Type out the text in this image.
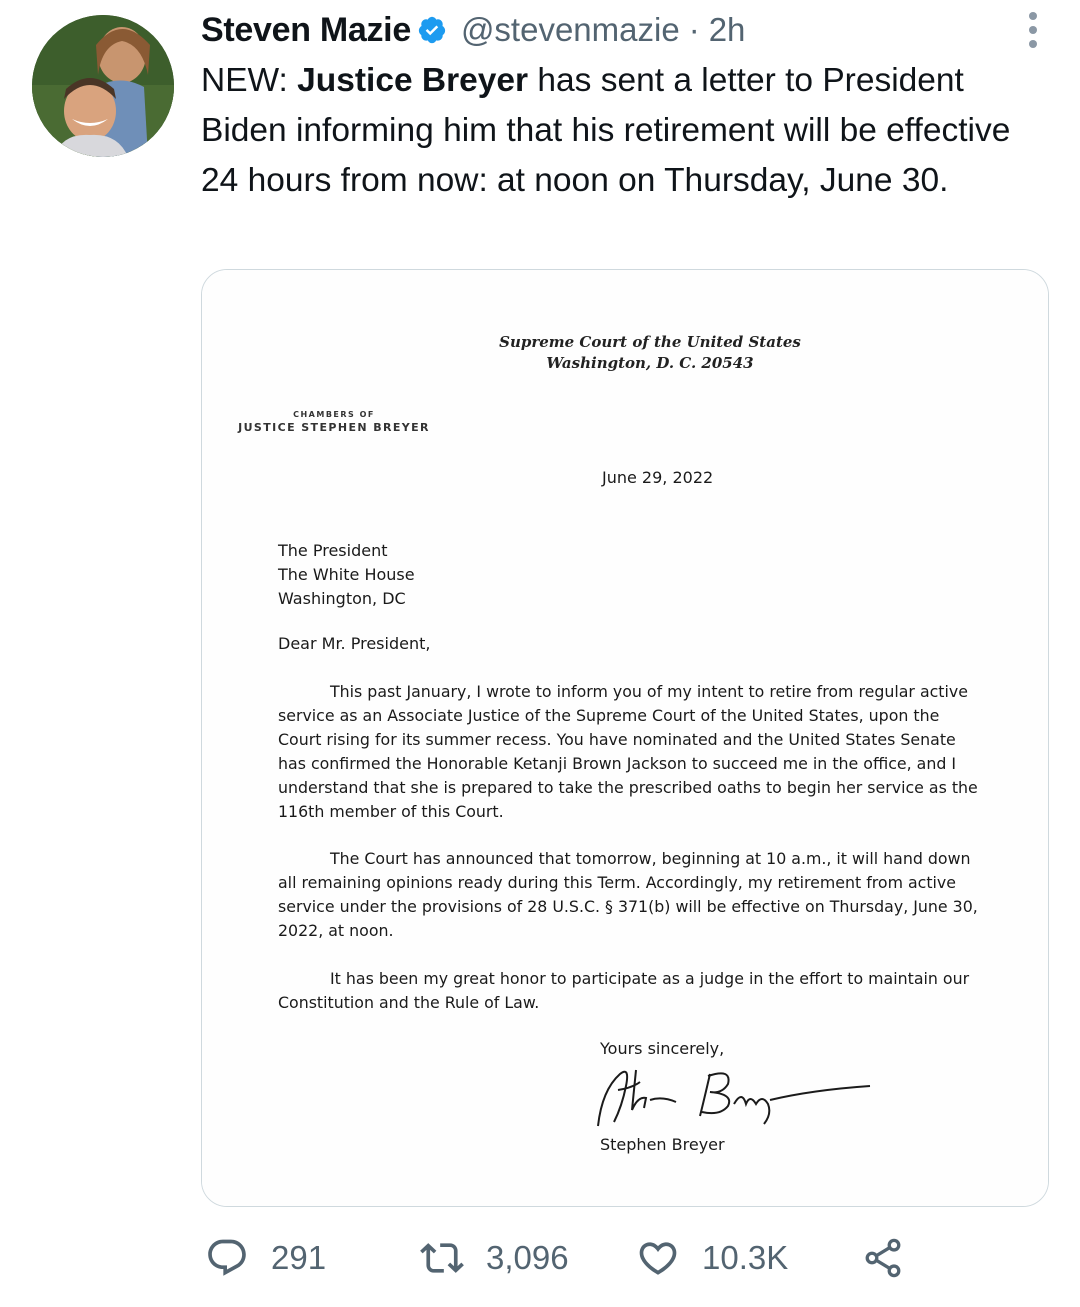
Steven Mazie @stevenmazie · 2h
NEW: Justice Breyer has sent a letter to President Biden informing him that his retirement will be effective 24 hours from now: at noon on Thursday, June 30.
Supreme Court of the United States
Washington, D. C. 20543
CHAMBERS OF
JUSTICE STEPHEN BREYER
June 29, 2022
The President
The White House
Washington, DC
Dear Mr. President,
This past January, I wrote to inform you of my intent to retire from regular active service as an Associate Justice of the Supreme Court of the United States, upon the Court rising for its summer recess. You have nominated and the United States Senate has confirmed the Honorable Ketanji Brown Jackson to succeed me in the office, and I understand that she is prepared to take the prescribed oaths to begin her service as the 116th member of this Court.
The Court has announced that tomorrow, beginning at 10 a.m., it will hand down all remaining opinions ready during this Term. Accordingly, my retirement from active service under the provisions of 28 U.S.C. § 371(b) will be effective on Thursday, June 30, 2022, at noon.
It has been my great honor to participate as a judge in the effort to maintain our Constitution and the Rule of Law.
Yours sincerely,
Stephen Breyer
291	3,096	10.3K
